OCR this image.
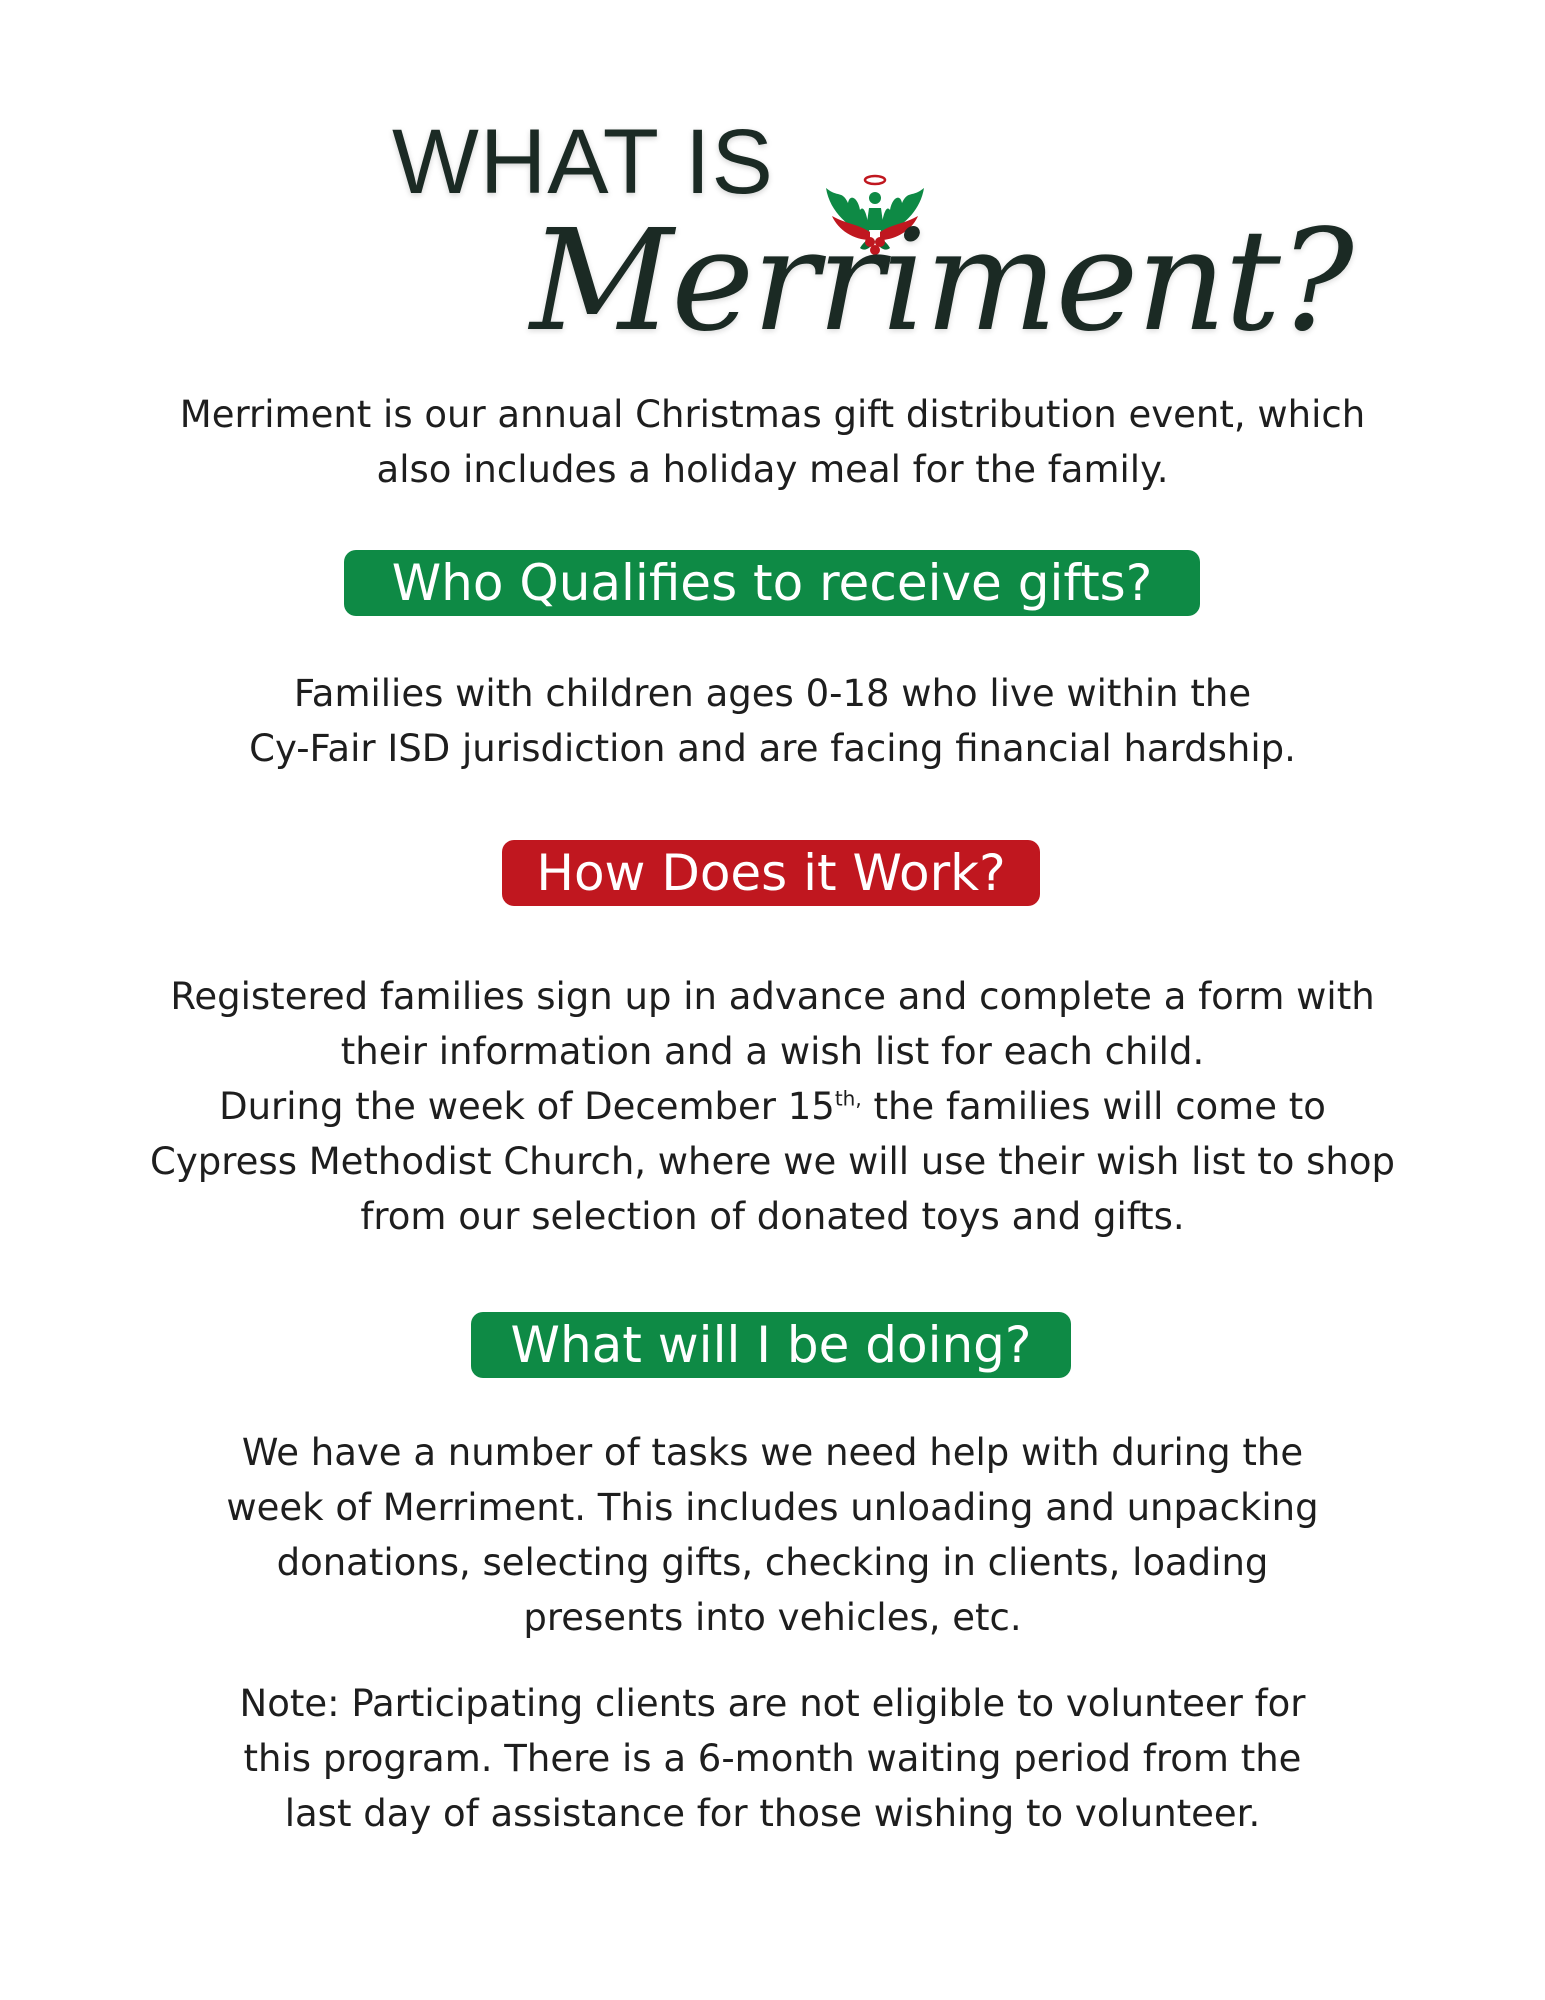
WHAT IS
Merriment?
Merriment is our annual Christmas gift distribution event, which
also includes a holiday meal for the family.
Who Qualifies to receive gifts?
Families with children ages 0-18 who live within the
Cy-Fair ISD jurisdiction and are facing financial hardship.
How Does it Work?
Registered families sign up in advance and complete a form with
their information and a wish list for each child.
During the week of December $15^{th,}$ the families will come to
Cypress Methodist Church, where we will use their wish list to shop
from our selection of donated toys and gifts.
What will I be doing?
We have a number of tasks we need help with during the
week of Merriment. This includes unloading and unpacking
donations, selecting gifts, checking in clients, loading
presents into vehicles, etc.
Note: Participating clients are not eligible to volunteer for
this program. There is a 6-month waiting period from the
last day of assistance for those wishing to volunteer.
